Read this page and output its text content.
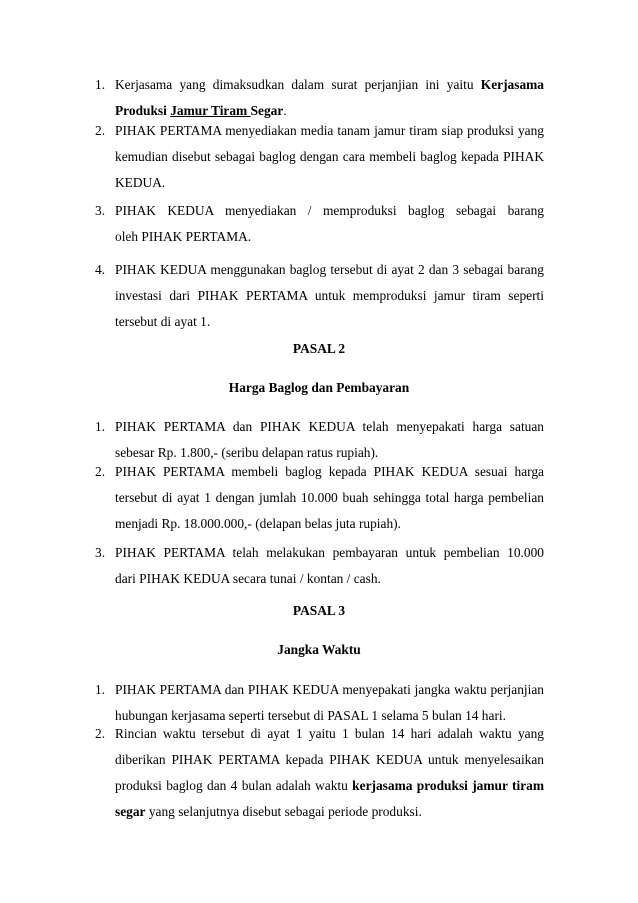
1. Kerjasama yang dimaksudkan dalam surat perjanjian ini yaitu Kerjasama
Produksi Jamur Tiram Segar.
2. PIHAK PERTAMA menyediakan media tanam jamur tiram siap produksi yang
kemudian disebut sebagai baglog dengan cara membeli baglog kepada PIHAK
KEDUA.
3. PIHAK KEDUA menyediakan / memproduksi baglog sebagai barang
oleh PIHAK PERTAMA.
4. PIHAK KEDUA menggunakan baglog tersebut di ayat 2 dan 3 sebagai barang
investasi dari PIHAK PERTAMA untuk memproduksi jamur tiram seperti
tersebut di ayat 1.
PASAL 2
Harga Baglog dan Pembayaran
1. PIHAK PERTAMA dan PIHAK KEDUA telah menyepakati harga satuan
sebesar Rp. 1.800,- (seribu delapan ratus rupiah).
2. PIHAK PERTAMA membeli baglog kepada PIHAK KEDUA sesuai harga
tersebut di ayat 1 dengan jumlah 10.000 buah sehingga total harga pembelian
menjadi Rp. 18.000.000,- (delapan belas juta rupiah).
3. PIHAK PERTAMA telah melakukan pembayaran untuk pembelian 10.000
dari PIHAK KEDUA secara tunai / kontan / cash.
PASAL 3
Jangka Waktu
1. PIHAK PERTAMA dan PIHAK KEDUA menyepakati jangka waktu perjanjian
hubungan kerjasama seperti tersebut di PASAL 1 selama 5 bulan 14 hari.
2. Rincian waktu tersebut di ayat 1 yaitu 1 bulan 14 hari adalah waktu yang
diberikan PIHAK PERTAMA kepada PIHAK KEDUA untuk menyelesaikan
produksi baglog dan 4 bulan adalah waktu kerjasama produksi jamur tiram
segar yang selanjutnya disebut sebagai periode produksi.
